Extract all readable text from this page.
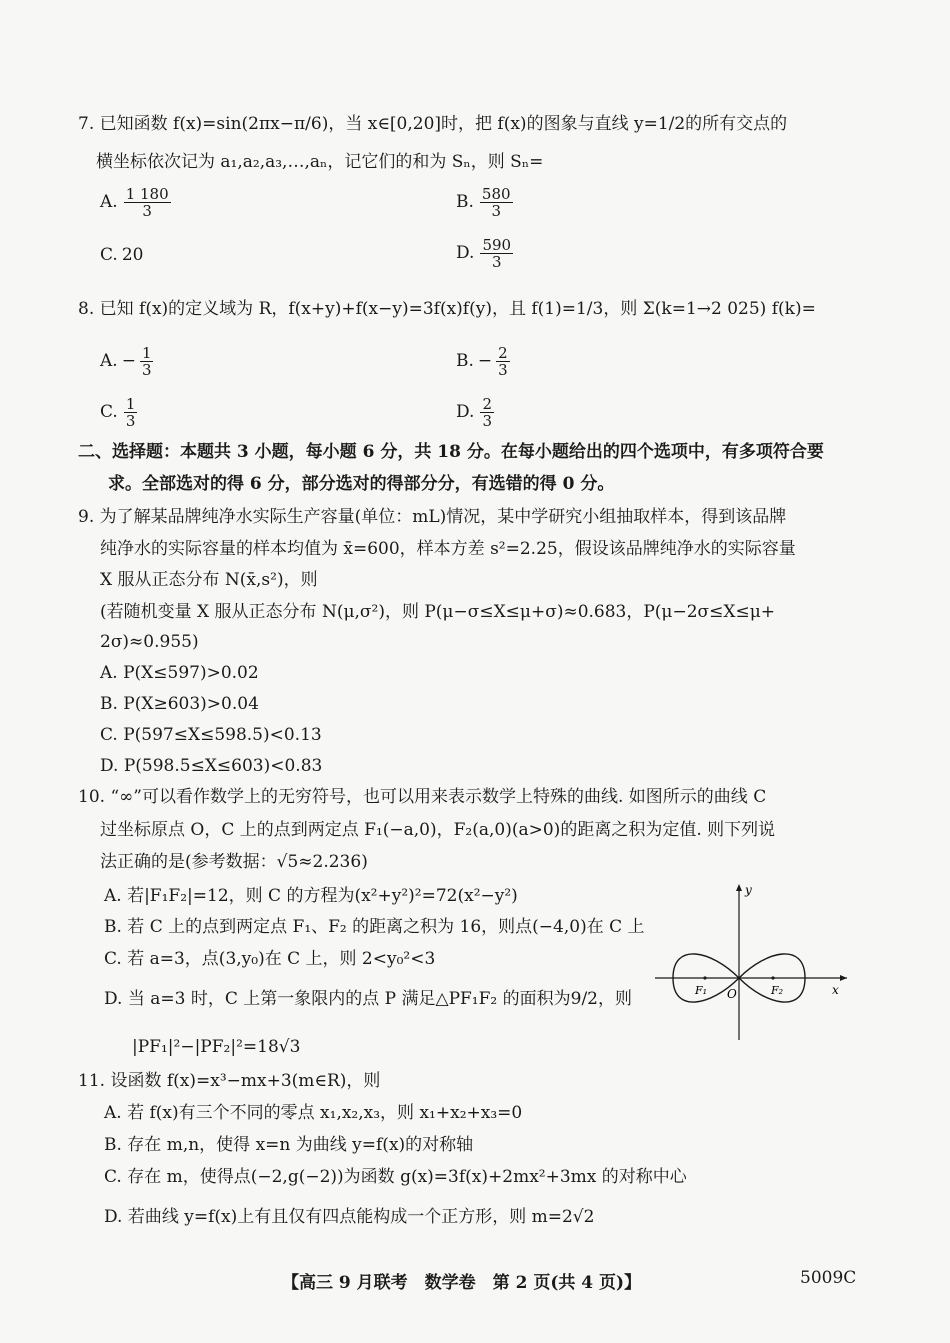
7. 已知函数 f(x)=sin(2πx−π/6)，当 x∈[0,20]时，把 f(x)的图象与直线 y=1/2的所有交点的
横坐标依次记为 a₁,a₂,a₃,…,aₙ，记它们的和为 Sₙ，则 Sₙ=
A. $\frac{1 180}{3}$	B. $\frac{580}{3}$
C. 20	D. $\frac{590}{3}$
8. 已知 f(x)的定义域为 R，f(x+y)+f(x−y)=3f(x)f(y)，且 f(1)=1/3，则 Σ(k=1→2 025) f(k)=
A. − $\frac{1}{3}$	B. − $\frac{2}{3}$
C. $\frac{1}{3}$	D. $\frac{2}{3}$
二、选择题：本题共 3 小题，每小题 6 分，共 18 分。在每小题给出的四个选项中，有多项符合要
求。全部选对的得 6 分，部分选对的得部分分，有选错的得 0 分。
9. 为了解某品牌纯净水实际生产容量(单位：mL)情况，某中学研究小组抽取样本，得到该品牌
纯净水的实际容量的样本均值为 x̄=600，样本方差 s²=2.25，假设该品牌纯净水的实际容量
X 服从正态分布 N(x̄,s²)，则
(若随机变量 X 服从正态分布 N(μ,σ²)，则 P(μ−σ≤X≤μ+σ)≈0.683，P(μ−2σ≤X≤μ+
2σ)≈0.955)
A. P(X≤597)>0.02
B. P(X≥603)>0.04
C. P(597≤X≤598.5)<0.13
D. P(598.5≤X≤603)<0.83
10. “∞”可以看作数学上的无穷符号，也可以用来表示数学上特殊的曲线. 如图所示的曲线 C
过坐标原点 O，C 上的点到两定点 F₁(−a,0)，F₂(a,0)(a>0)的距离之积为定值. 则下列说
法正确的是(参考数据：√5≈2.236)
A. 若|F₁F₂|=12，则 C 的方程为(x²+y²)²=72(x²−y²)
B. 若 C 上的点到两定点 F₁、F₂ 的距离之积为 16，则点(−4,0)在 C 上
C. 若 a=3，点(3,y₀)在 C 上，则 2<y₀²<3
D. 当 a=3 时，C 上第一象限内的点 P 满足△PF₁F₂ 的面积为9/2，则
|PF₁|²−|PF₂|²=18√3
y
x
O
F₁	F₂
11. 设函数 f(x)=x³−mx+3(m∈R)，则
A. 若 f(x)有三个不同的零点 x₁,x₂,x₃，则 x₁+x₂+x₃=0
B. 存在 m,n，使得 x=n 为曲线 y=f(x)的对称轴
C. 存在 m，使得点(−2,g(−2))为函数 g(x)=3f(x)+2mx²+3mx 的对称中心
D. 若曲线 y=f(x)上有且仅有四点能构成一个正方形，则 m=2√2
【高三 9 月联考　数学卷　第 2 页(共 4 页)】	5009C
